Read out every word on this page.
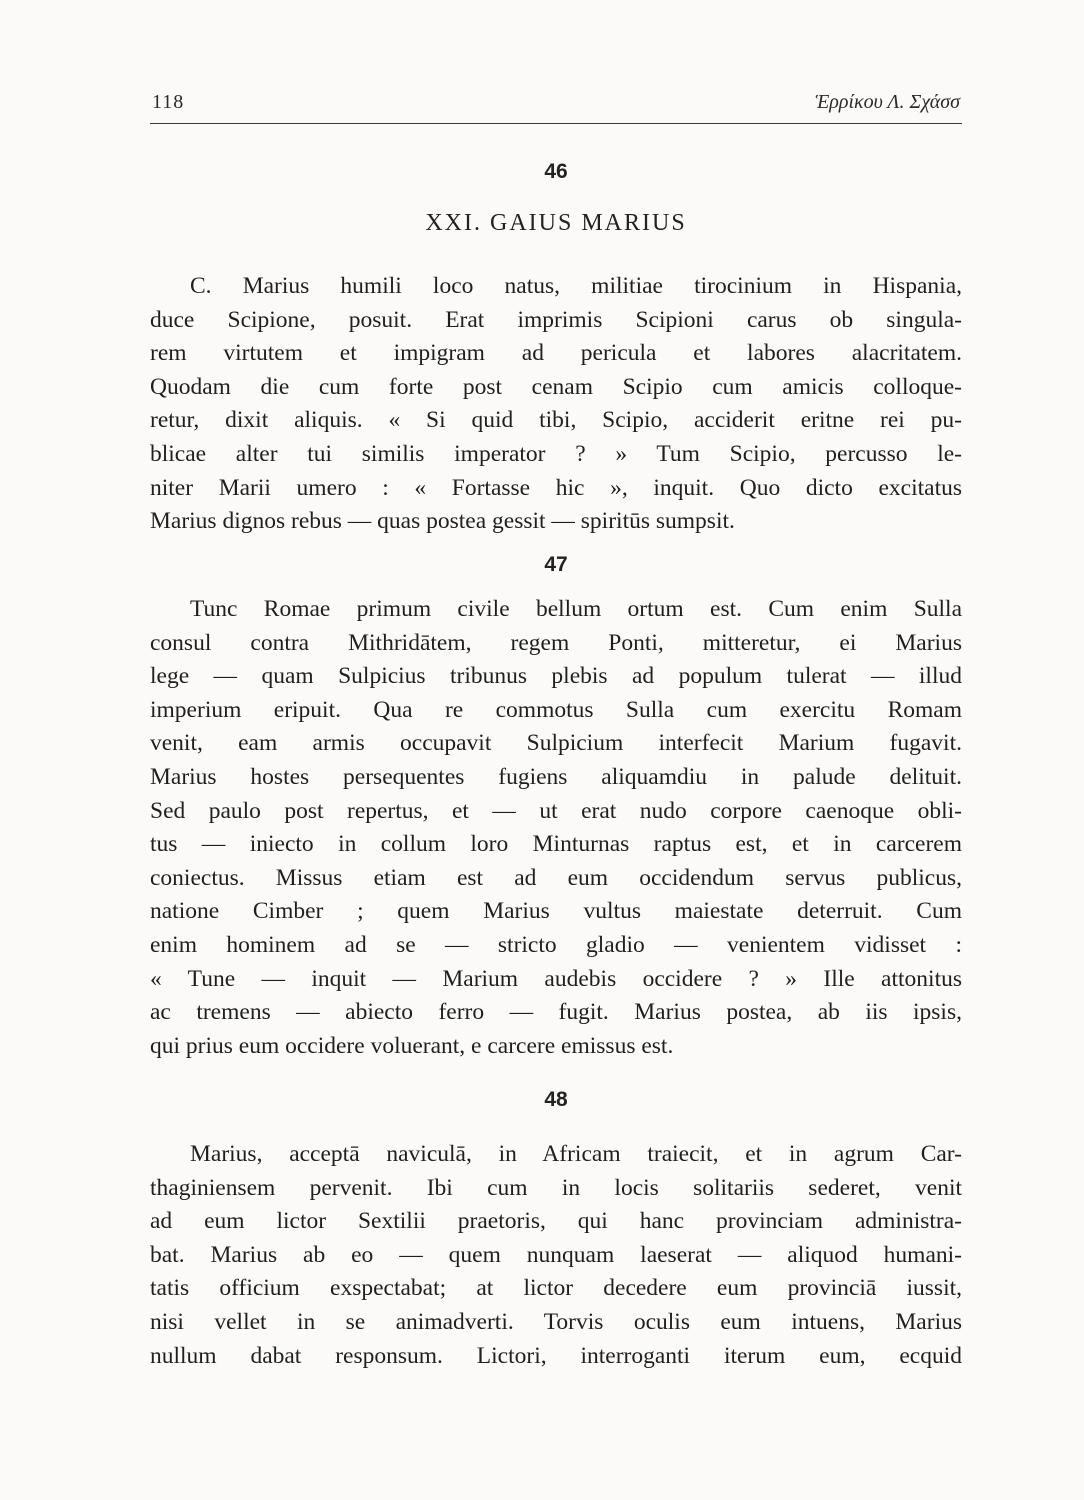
118	Ἑρρίκου Λ. Σχάσσ
46
XXI. GAIUS MARIUS
C. Marius humili loco natus, militiae tirocinium in Hispania,
duce Scipione, posuit. Erat imprimis Scipioni carus ob singula-
rem virtutem et impigram ad pericula et labores alacritatem.
Quodam die cum forte post cenam Scipio cum amicis colloque-
retur, dixit aliquis. « Si quid tibi, Scipio, acciderit eritne rei pu-
blicae alter tui similis imperator ? » Tum Scipio, percusso le-
niter Marii umero : « Fortasse hic », inquit. Quo dicto excitatus
Marius dignos rebus — quas postea gessit — spiritūs sumpsit.
47
Tunc Romae primum civile bellum ortum est. Cum enim Sulla
consul contra Mithridātem, regem Ponti, mitteretur, ei Marius
lege — quam Sulpicius tribunus plebis ad populum tulerat — illud
imperium eripuit. Qua re commotus Sulla cum exercitu Romam
venit, eam armis occupavit Sulpicium interfecit Marium fugavit.
Marius hostes persequentes fugiens aliquamdiu in palude delituit.
Sed paulo post repertus, et — ut erat nudo corpore caenoque obli-
tus — iniecto in collum loro Minturnas raptus est, et in carcerem
coniectus. Missus etiam est ad eum occidendum servus publicus,
natione Cimber ; quem Marius vultus maiestate deterruit. Cum
enim hominem ad se — stricto gladio — venientem vidisset :
« Tune — inquit — Marium audebis occidere ? » Ille attonitus
ac tremens — abiecto ferro — fugit. Marius postea, ab iis ipsis,
qui prius eum occidere voluerant, e carcere emissus est.
48
Marius, acceptā naviculā, in Africam traiecit, et in agrum Car-
thaginiensem pervenit. Ibi cum in locis solitariis sederet, venit
ad eum lictor Sextilii praetoris, qui hanc provinciam administra-
bat. Marius ab eo — quem nunquam laeserat — aliquod humani-
tatis officium exspectabat; at lictor decedere eum provinciā iussit,
nisi vellet in se animadverti. Torvis oculis eum intuens, Marius
nullum dabat responsum. Lictori, interroganti iterum eum, ecquid
